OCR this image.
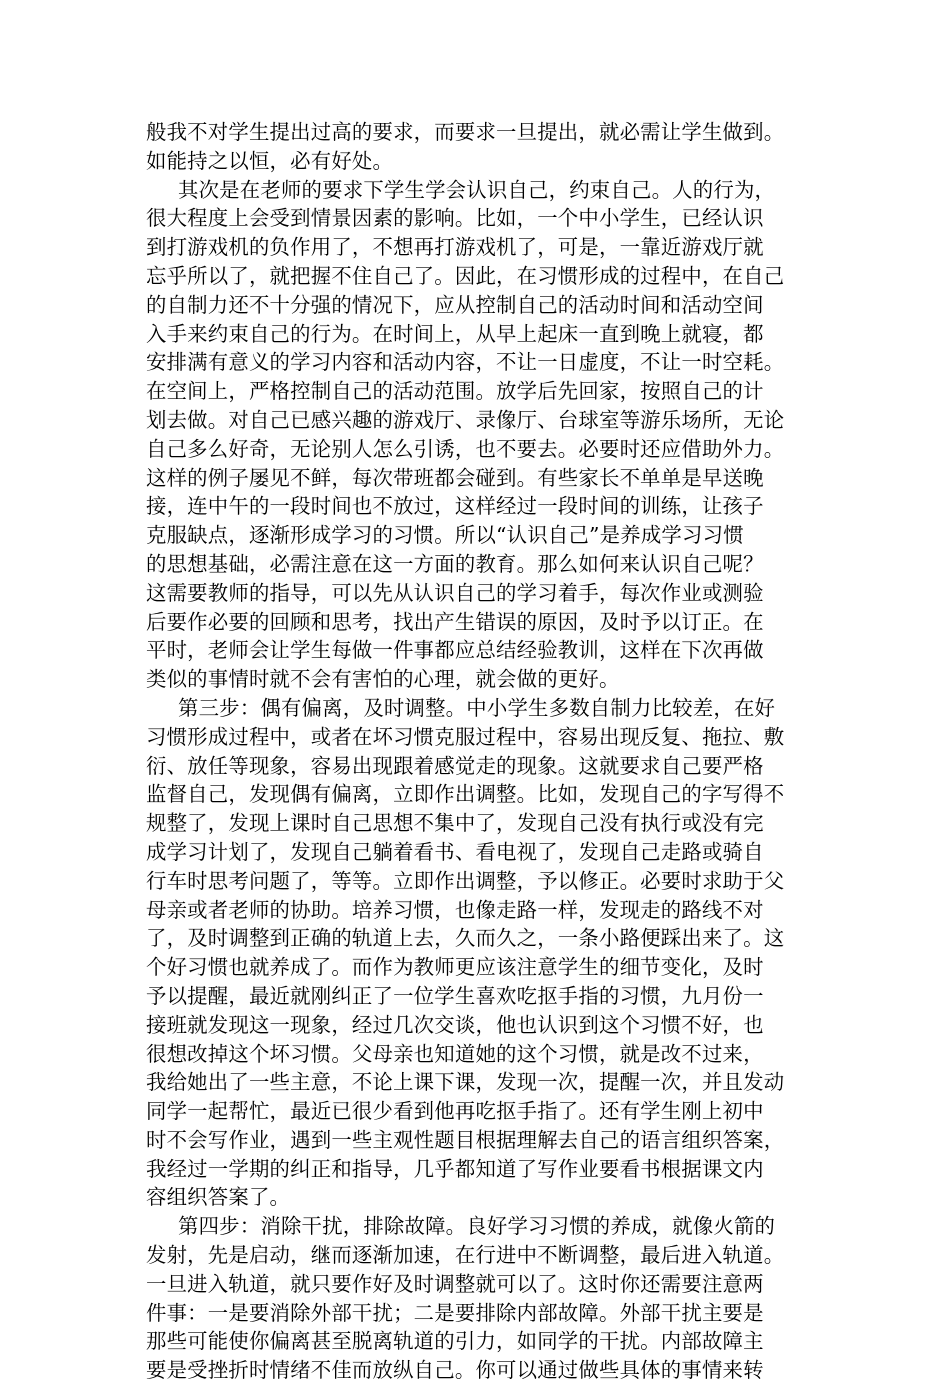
般我不对学生提出过高的要求，而要求一旦提出，就必需让学生做到。
如能持之以恒，必有好处。
其次是在老师的要求下学生学会认识自己，约束自己。人的行为，
很大程度上会受到情景因素的影响。比如，一个中小学生，已经认识
到打游戏机的负作用了，不想再打游戏机了，可是，一靠近游戏厅就
忘乎所以了，就把握不住自己了。因此，在习惯形成的过程中，在自己
的自制力还不十分强的情况下，应从控制自己的活动时间和活动空间
入手来约束自己的行为。在时间上，从早上起床一直到晚上就寝，都
安排满有意义的学习内容和活动内容，不让一日虚度，不让一时空耗。
在空间上，严格控制自己的活动范围。放学后先回家，按照自己的计
划去做。对自己已感兴趣的游戏厅、录像厅、台球室等游乐场所，无论
自己多么好奇，无论别人怎么引诱，也不要去。必要时还应借助外力。
这样的例子屡见不鲜，每次带班都会碰到。有些家长不单单是早送晚
接，连中午的一段时间也不放过，这样经过一段时间的训练，让孩子
克服缺点，逐渐形成学习的习惯。所以“认识自己”是养成学习习惯
的思想基础，必需注意在这一方面的教育。那么如何来认识自己呢？
这需要教师的指导，可以先从认识自己的学习着手，每次作业或测验
后要作必要的回顾和思考，找出产生错误的原因，及时予以订正。在
平时，老师会让学生每做一件事都应总结经验教训，这样在下次再做
类似的事情时就不会有害怕的心理，就会做的更好。
第三步：偶有偏离，及时调整。中小学生多数自制力比较差，在好
习惯形成过程中，或者在坏习惯克服过程中，容易出现反复、拖拉、敷
衍、放任等现象，容易出现跟着感觉走的现象。这就要求自己要严格
监督自己，发现偶有偏离，立即作出调整。比如，发现自己的字写得不
规整了，发现上课时自己思想不集中了，发现自己没有执行或没有完
成学习计划了，发现自己躺着看书、看电视了，发现自己走路或骑自
行车时思考问题了，等等。立即作出调整，予以修正。必要时求助于父
母亲或者老师的协助。培养习惯，也像走路一样，发现走的路线不对
了，及时调整到正确的轨道上去，久而久之，一条小路便踩出来了。这
个好习惯也就养成了。而作为教师更应该注意学生的细节变化，及时
予以提醒，最近就刚纠正了一位学生喜欢吃抠手指的习惯，九月份一
接班就发现这一现象，经过几次交谈，他也认识到这个习惯不好，也
很想改掉这个坏习惯。父母亲也知道她的这个习惯，就是改不过来，
我给她出了一些主意，不论上课下课，发现一次，提醒一次，并且发动
同学一起帮忙，最近已很少看到他再吃抠手指了。还有学生刚上初中
时不会写作业，遇到一些主观性题目根据理解去自己的语言组织答案，
我经过一学期的纠正和指导，几乎都知道了写作业要看书根据课文内
容组织答案了。
第四步：消除干扰，排除故障。良好学习习惯的养成，就像火箭的
发射，先是启动，继而逐渐加速，在行进中不断调整，最后进入轨道。
一旦进入轨道，就只要作好及时调整就可以了。这时你还需要注意两
件事：一是要消除外部干扰；二是要排除内部故障。外部干扰主要是
那些可能使你偏离甚至脱离轨道的引力，如同学的干扰。内部故障主
要是受挫折时情绪不佳而放纵自己。你可以通过做些具体的事情来转
